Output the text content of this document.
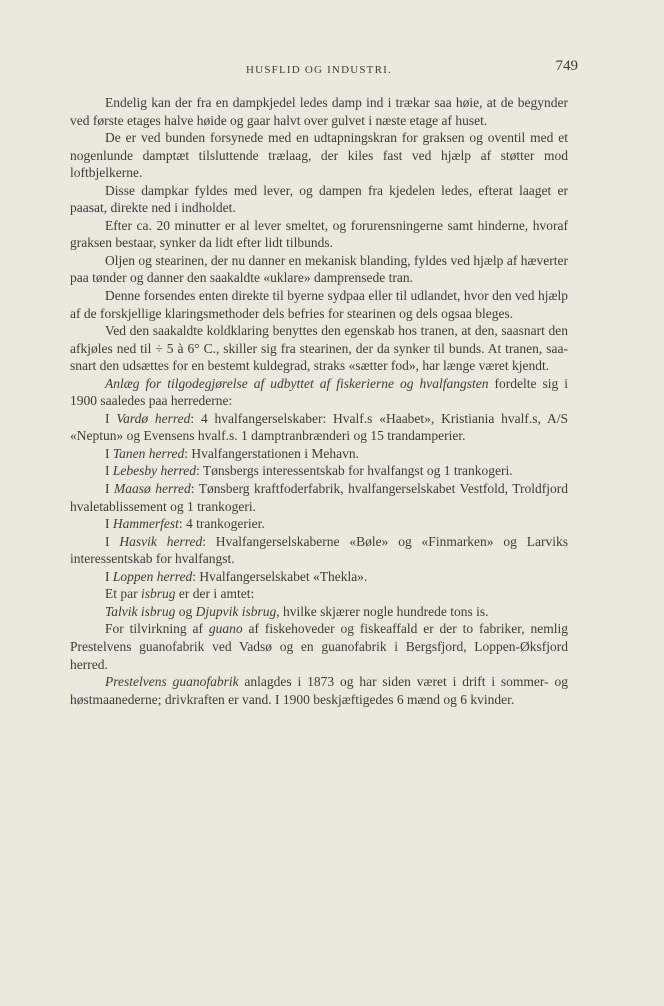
HUSFLID OG INDUSTRI.	749

Endelig kan der fra en dampkjedel ledes damp ind i trækar saa høie, at de begynder ved første etages halve høide og gaar halvt over gulvet i næste etage af huset.

De er ved bunden forsynede med en udtapningskran for graksen og oventil med et nogenlunde damptæt tilsluttende trælaag, der kiles fast ved hjælp af støtter mod loftbjelkerne.

Disse dampkar fyldes med lever, og dampen fra kjedelen ledes, efterat laaget er paasat, direkte ned i indholdet.

Efter ca. 20 minutter er al lever smeltet, og forurensningerne samt hinderne, hvoraf graksen bestaar, synker da lidt efter lidt tilbunds.

Oljen og stearinen, der nu danner en mekanisk blanding, fyldes ved hjælp af hæverter paa tønder og danner den saakaldte «uklare» damprensede tran.

Denne forsendes enten direkte til byerne sydpaa eller til udlandet, hvor den ved hjælp af de forskjellige klaringsmethoder dels befries for stearinen og dels ogsaa bleges.

Ved den saakaldte koldklaring benyttes den egenskab hos tranen, at den, saasnart den afkjøles ned til ÷ 5 à 6° C., skiller sig fra stearinen, der da synker til bunds. At tranen, saasnart den udsættes for en bestemt kuldegrad, straks «sætter fod», har længe været kjendt.

Anlæg for tilgodegjørelse af udbyttet af fiskerierne og hvalfangsten fordelte sig i 1900 saaledes paa herrederne:

I Vardø herred: 4 hvalfangerselskaber: Hvalf.s «Haabet», Kristiania hvalf.s, A/S «Neptun» og Evensens hvalf.s. 1 damptranbrænderi og 15 trandamperier.

I Tanen herred: Hvalfangerstationen i Mehavn.

I Lebesby herred: Tønsbergs interessentskab for hvalfangst og 1 trankogeri.

I Maasø herred: Tønsberg kraftfoderfabrik, hvalfangerselskabet Vestfold, Troldfjord hvaletablissement og 1 trankogeri.

I Hammerfest: 4 trankogerier.

I Hasvik herred: Hvalfangerselskaberne «Bøle» og «Finmarken» og Larviks interessentskab for hvalfangst.

I Loppen herred: Hvalfangerselskabet «Thekla».

Et par isbrug er der i amtet:

Talvik isbrug og Djupvik isbrug, hvilke skjærer nogle hundrede tons is.

For tilvirkning af guano af fiskehoveder og fiskeaffald er der to fabriker, nemlig Prestelvens guanofabrik ved Vadsø og en guanofabrik i Bergsfjord, Loppen-Øksfjord herred.

Prestelvens guanofabrik anlagdes i 1873 og har siden været i drift i sommer- og høstmaanederne; drivkraften er vand. I 1900 beskjæftigedes 6 mænd og 6 kvinder.
